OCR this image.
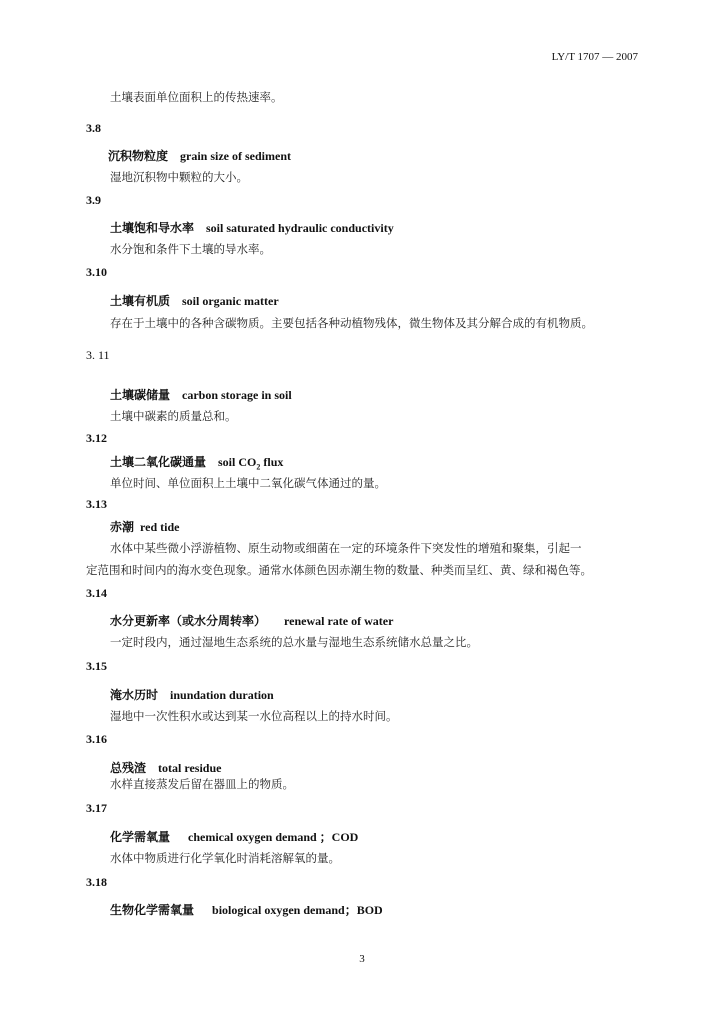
LY/T 1707 — 2007
土壤表面单位面积上的传热速率。
3.8
沉积物粒度 grain size of sediment
湿地沉积物中颗粒的大小。
3.9
土壤饱和导水率 soil saturated hydraulic conductivity
水分饱和条件下土壤的导水率。
3.10
土壤有机质 soil organic matter
存在于土壤中的各种含碳物质。主要包括各种动植物残体，微生物体及其分解合成的有机物质。
3. 11
土壤碳储量 carbon storage in soil
土壤中碳素的质量总和。
3.12
土壤二氧化碳通量 soil $CO_2$ flux
单位时间、单位面积上土壤中二氧化碳气体通过的量。
3.13
赤潮 red tide
水体中某些微小浮游植物、原生动物或细菌在一定的环境条件下突发性的增殖和聚集，引起一
定范围和时间内的海水变色现象。通常水体颜色因赤潮生物的数量、种类而呈红、黄、绿和褐色等。
3.14
水分更新率（或水分周转率） renewal rate of water
一定时段内，通过湿地生态系统的总水量与湿地生态系统储水总量之比。
3.15
淹水历时 inundation duration
湿地中一次性积水或达到某一水位高程以上的持水时间。
3.16
总残渣 total residue
水样直接蒸发后留在器皿上的物质。
3.17
化学需氧量 chemical oxygen demand ；COD
水体中物质进行化学氧化时消耗溶解氧的量。
3.18
生物化学需氧量 biological oxygen demand；BOD
3
